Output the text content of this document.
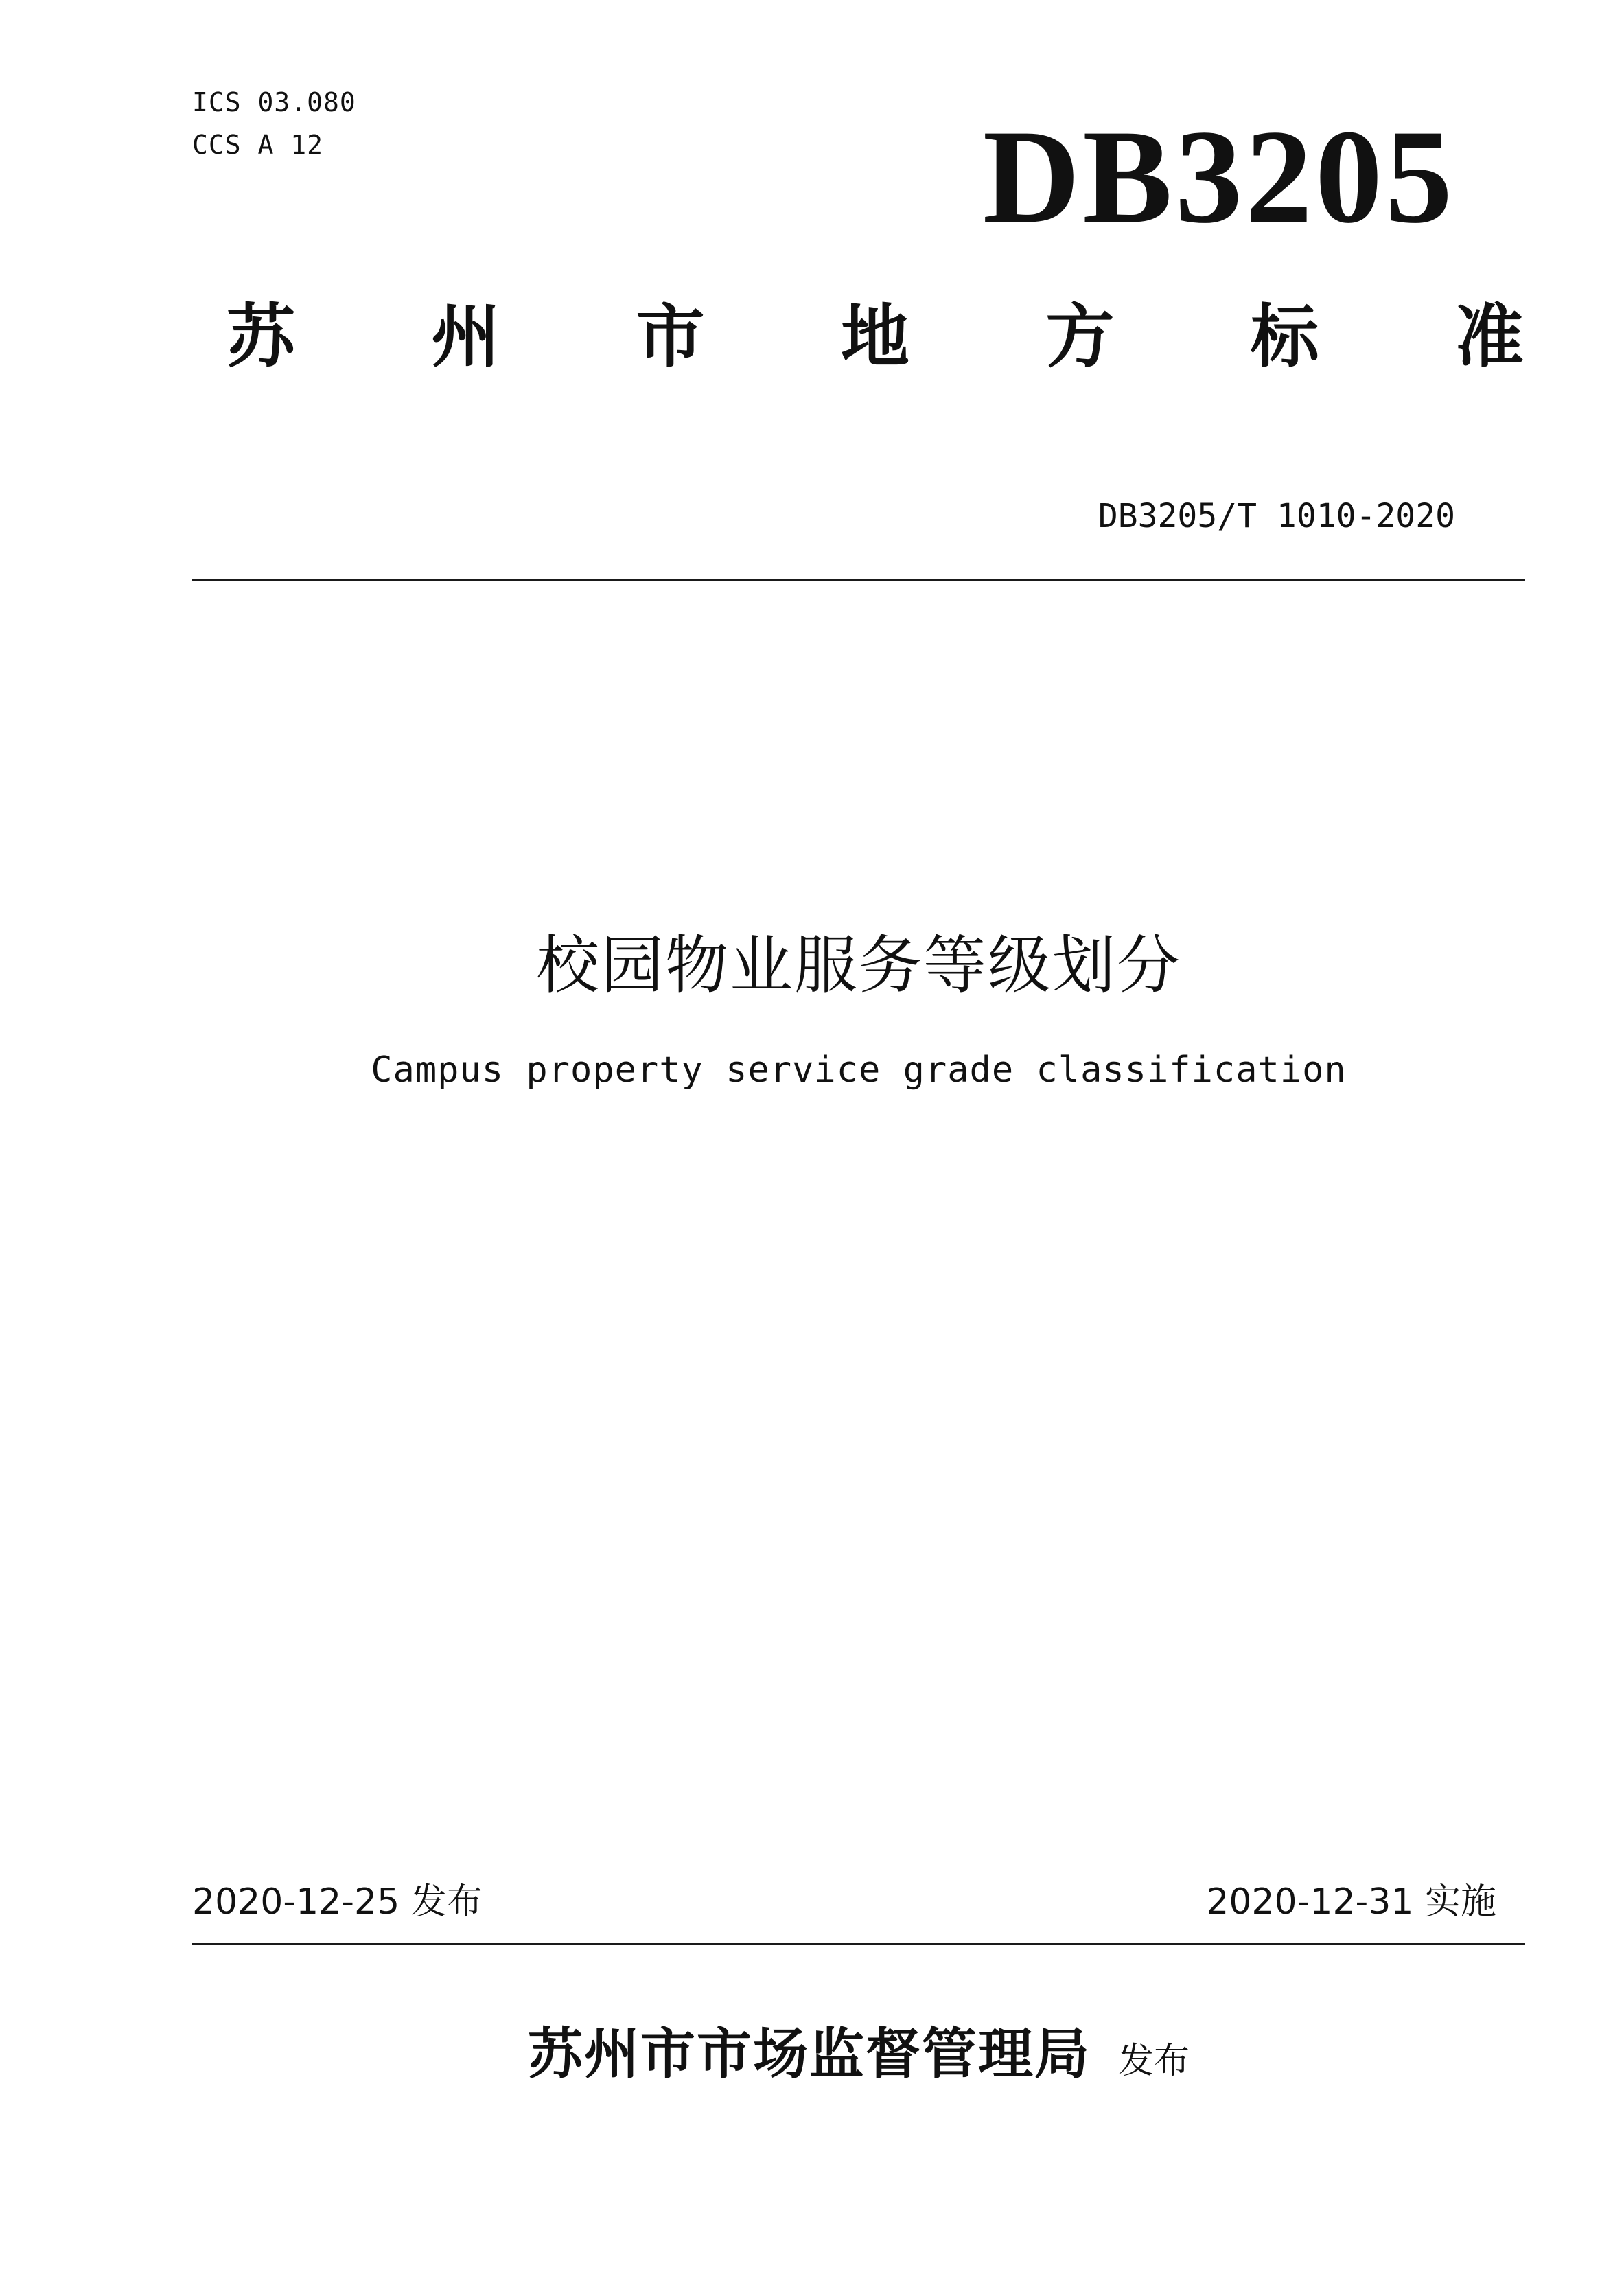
ICS 03.080
CCS A 12	DB3205
苏 州 市 地 方 标 准
DB3205/T 1010-2020
校园物业服务等级划分
Campus property service grade classification
2020-12-25 发布	2020-12-31 实施
苏州市市场监督管理局 发布
